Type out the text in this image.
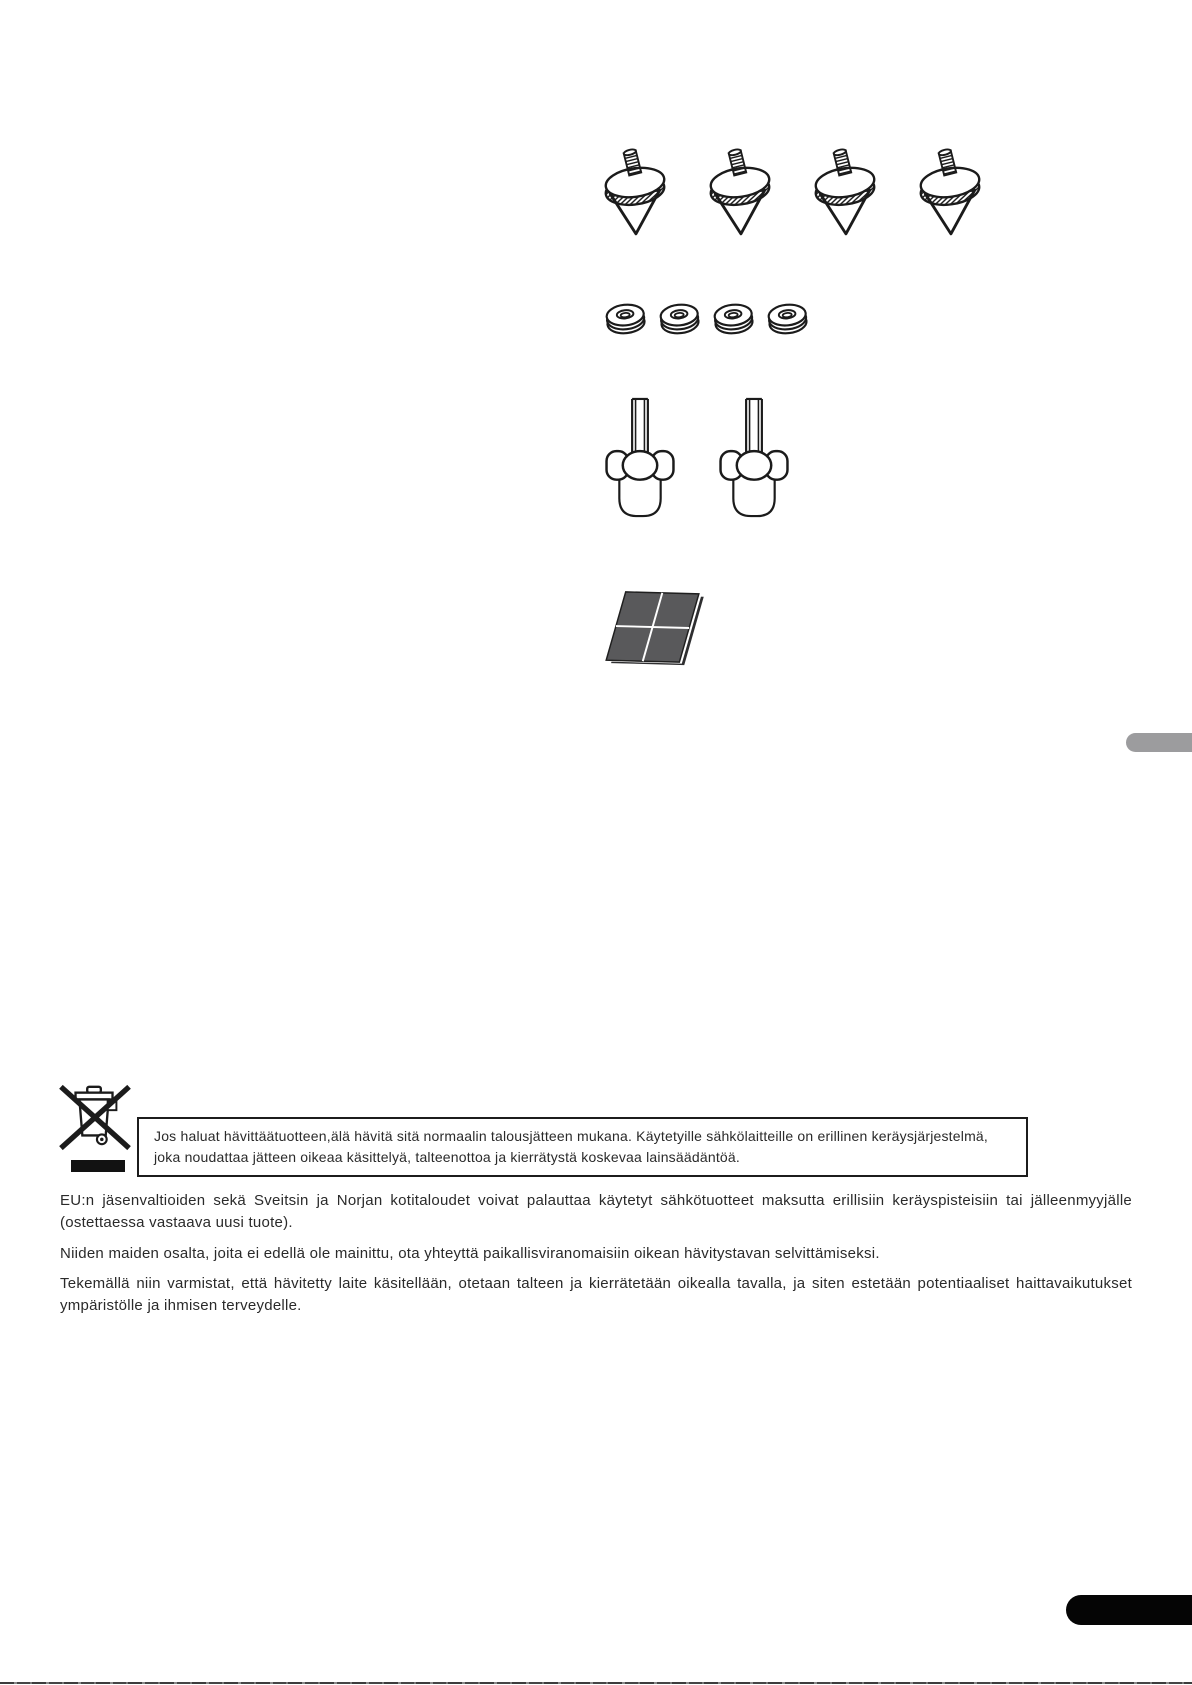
Jos haluat hävittäätuotteen,älä hävitä sitä normaalin talousjätteen mukana. Käytetyille sähkölaitteille on erillinen keräysjärjestelmä, joka noudattaa jätteen oikeaa käsittelyä, talteenottoa ja kierrätystä koskevaa lainsäädäntöä.

EU:n jäsenvaltioiden sekä Sveitsin ja Norjan kotitaloudet voivat palauttaa käytetyt sähkötuotteet maksutta erillisiin keräyspisteisiin tai jälleenmyyjälle (ostettaessa vastaava uusi tuote).

Niiden maiden osalta, joita ei edellä ole mainittu, ota yhteyttä paikallisviranomaisiin oikean hävitystavan selvittämiseksi.

Tekemällä niin varmistat, että hävitetty laite käsitellään, otetaan talteen ja kierrätetään oikealla tavalla, ja siten estetään potentiaaliset haittavaikutukset ympäristölle ja ihmisen terveydelle.
